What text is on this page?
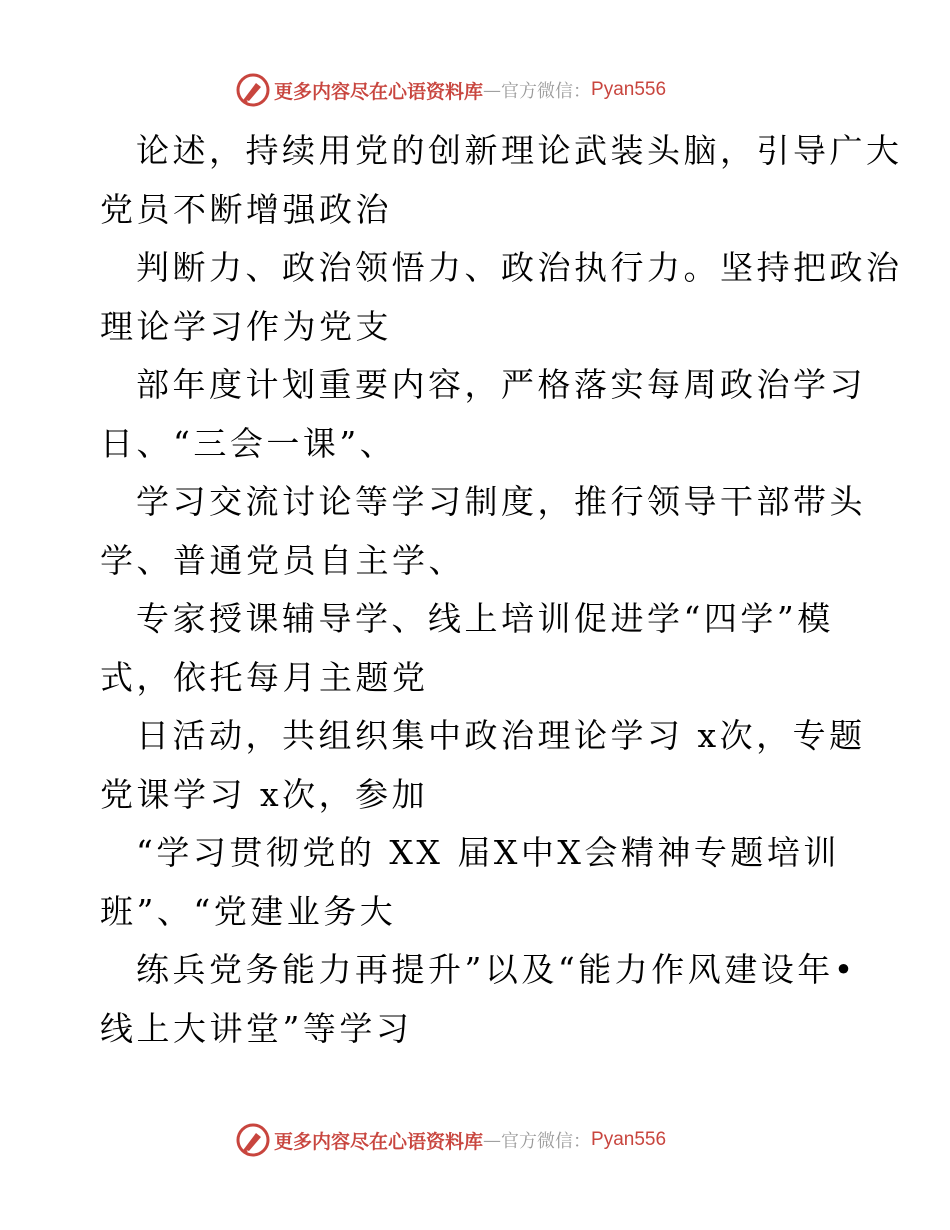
更多内容尽在心语资料库 — 官方微信： Pyan556
论述，持续用党的创新理论武装头脑，引导广大
党员不断增强政治
判断力、政治领悟力、政治执行力。坚持把政治
理论学习作为党支
部年度计划重要内容，严格落实每周政治学习
日、“三会一课”、
学习交流讨论等学习制度，推行领导干部带头
学、普通党员自主学、
专家授课辅导学、线上培训促进学“四学”模
式，依托每月主题党
日活动，共组织集中政治理论学习 x次，专题
党课学习 x次，参加
“学习贯彻党的 XX 届X中X会精神专题培训
班”、“党建业务大
练兵党务能力再提升”以及“能力作风建设年•
线上大讲堂”等学习
更多内容尽在心语资料库 — 官方微信： Pyan556
